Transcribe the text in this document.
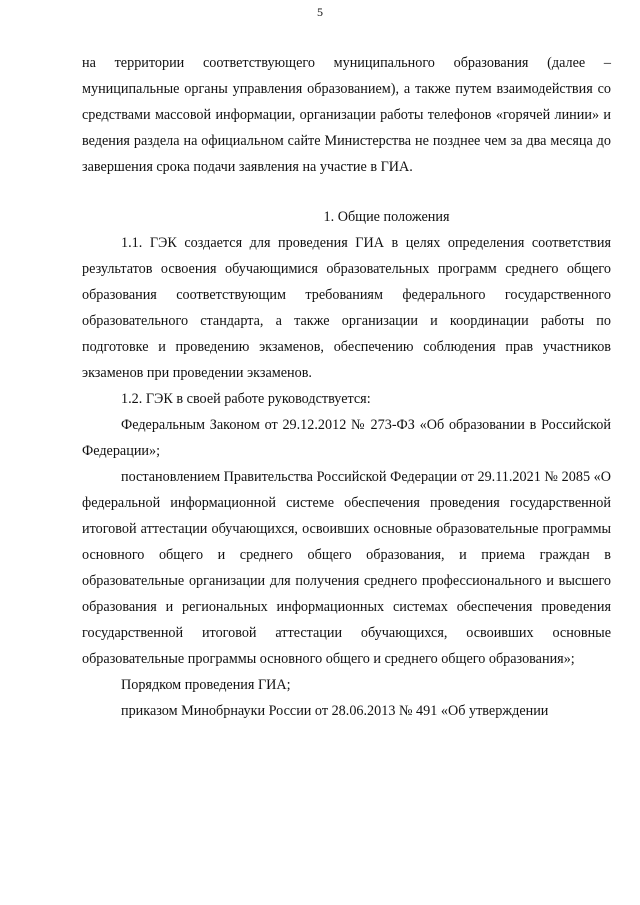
5

на территории соответствующего муниципального образования (далее – муниципальные органы управления образованием), а также путем взаимодействия со средствами массовой информации, организации работы телефонов «горячей линии» и ведения раздела на официальном сайте Министерства не позднее чем за два месяца до завершения срока подачи заявления на участие в ГИА.

1. Общие положения

1.1. ГЭК создается для проведения ГИА в целях определения соответствия результатов освоения обучающимися образовательных программ среднего общего образования соответствующим требованиям федерального государственного образовательного стандарта, а также организации и координации работы по подготовке и проведению экзаменов, обеспечению соблюдения прав участников экзаменов при проведении экзаменов.

1.2. ГЭК в своей работе руководствуется:

Федеральным Законом от 29.12.2012 № 273-ФЗ «Об образовании в Российской Федерации»;

постановлением Правительства Российской Федерации от 29.11.2021 № 2085 «О федеральной информационной системе обеспечения проведения государственной итоговой аттестации обучающихся, освоивших основные образовательные программы основного общего и среднего общего образования, и приема граждан в образовательные организации для получения среднего профессионального и высшего образования и региональных информационных системах обеспечения проведения государственной итоговой аттестации обучающихся, освоивших основные образовательные программы основного общего и среднего общего образования»;

Порядком проведения ГИА;

приказом Минобрнауки России от 28.06.2013 № 491 «Об утверждении
